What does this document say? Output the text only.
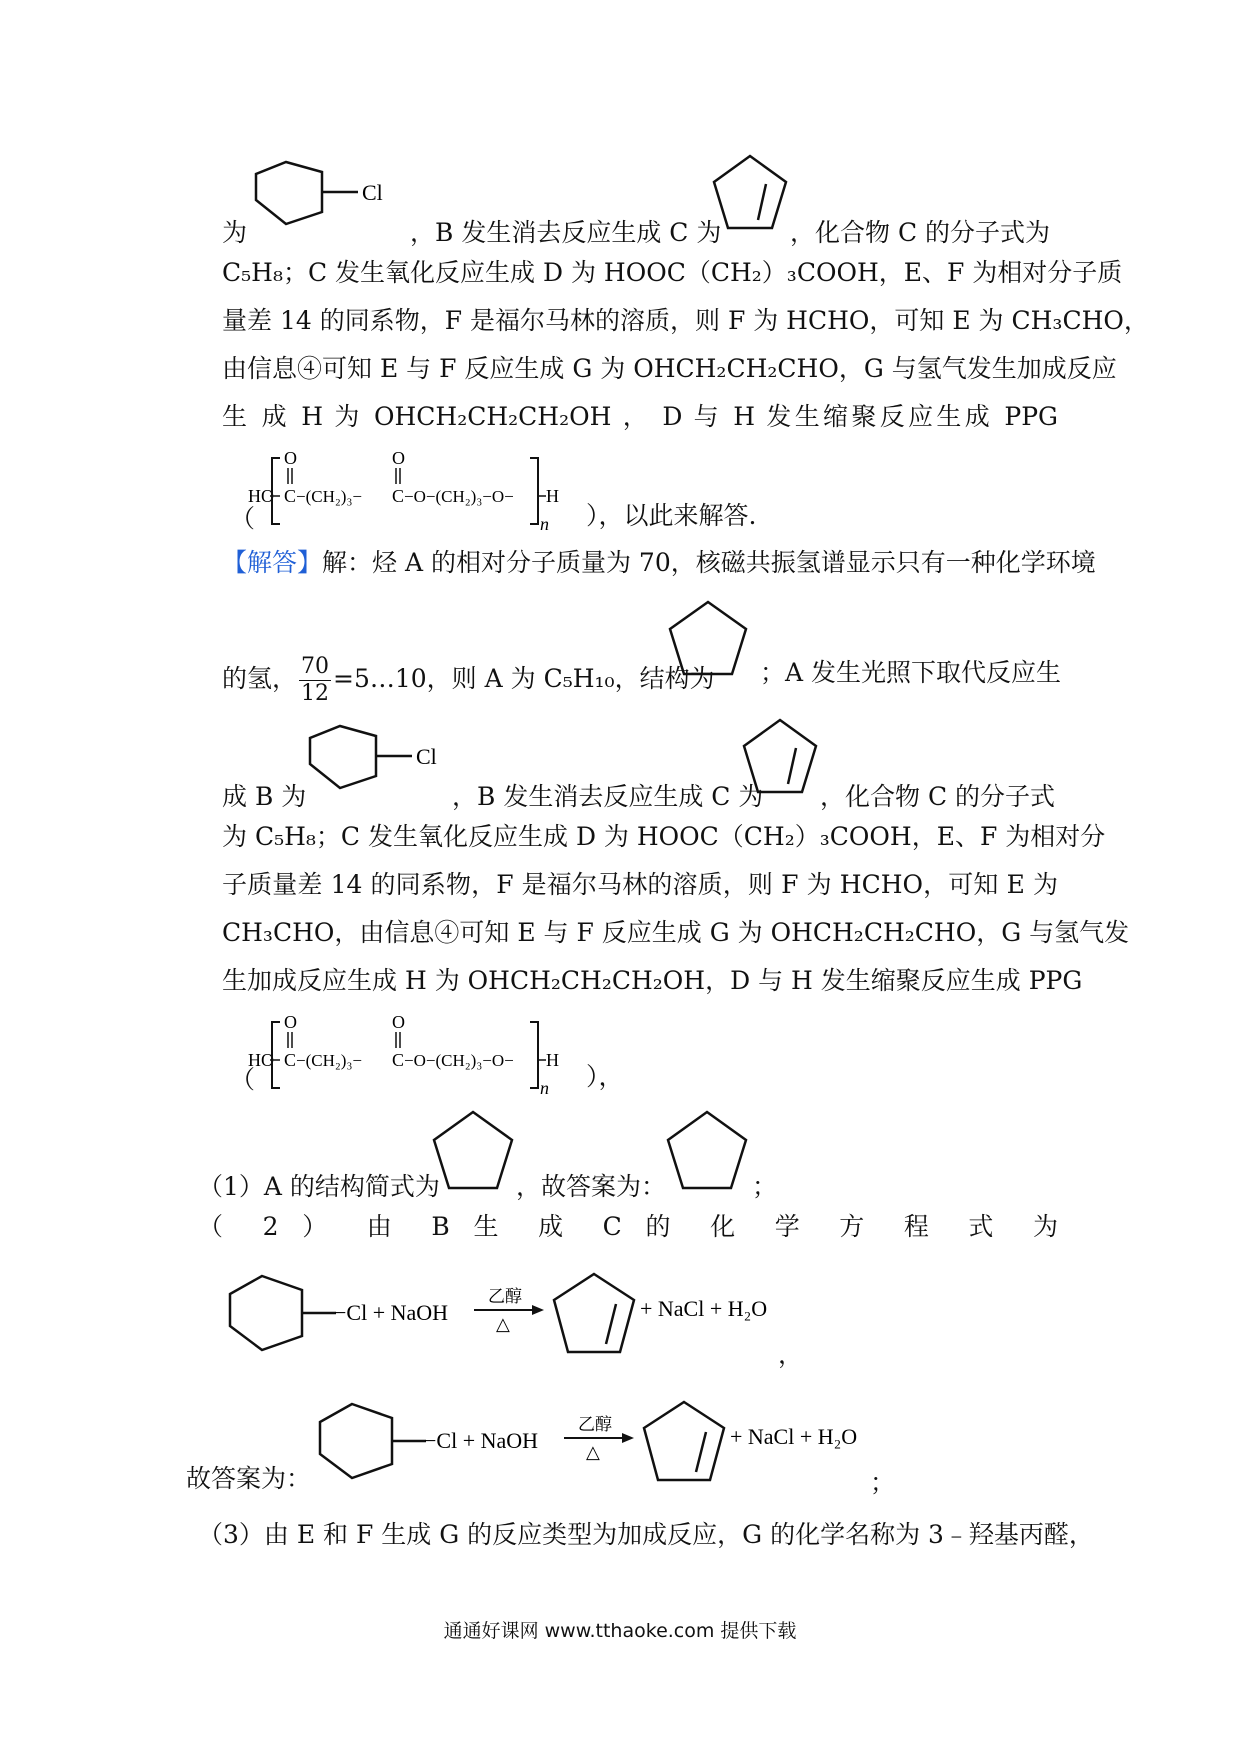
为
Cl
，B 发生消去反应生成 C 为	，化合物 C 的分子式为
C₅H₈；C 发生氧化反应生成 D 为 HOOC（CH₂）₃COOH，E、F 为相对分子质
量差 14 的同系物，F 是福尔马林的溶质，则 F 为 HCHO，可知 E 为 CH₃CHO，
由信息④可知 E 与 F 反应生成 G 为 OHCH₂CH₂CHO，G 与氢气发生加成反应
生 成 H 为 OHCH₂CH₂CH₂OH ， D 与 H 发生缩聚反应生成 PPG
（
HO C
O
−(CH₂)₃− C
O
−O−(CH₂)₃−O− H
n ），以此来解答.
【解答】解：烃 A 的相对分子质量为 70，核磁共振氢谱显示只有一种化学环境
的氢， $\frac{70}{12}$ =5…10，则 A 为 C₅H₁₀，结构为 ；A 发生光照下取代反应生
成 B 为
Cl
，B 发生消去反应生成 C 为 ，化合物 C 的分子式
为 C₅H₈；C 发生氧化反应生成 D 为 HOOC（CH₂）₃COOH，E、F 为相对分
子质量差 14 的同系物，F 是福尔马林的溶质，则 F 为 HCHO，可知 E 为
CH₃CHO，由信息④可知 E 与 F 反应生成 G 为 OHCH₂CH₂CHO，G 与氢气发
生加成反应生成 H 为 OHCH₂CH₂CH₂OH，D 与 H 发生缩聚反应生成 PPG
（
HO C
O
−(CH₂)₃− C
O
−O−(CH₂)₃−O− H
n ），
（1）A 的结构简式为	，故答案为：	；
（ 2 ） 由 B 生 成 C 的 化 学 方 程 式 为
−Cl + NaOH
乙醇
△
+ NaCl + H₂O
，
故答案为：
−Cl + NaOH
乙醇
△
+ NaCl + H₂O
；
（3）由 E 和 F 生成 G 的反应类型为加成反应，G 的化学名称为 3﹣羟基丙醛，
通通好课网 www.tthaoke.com 提供下载
